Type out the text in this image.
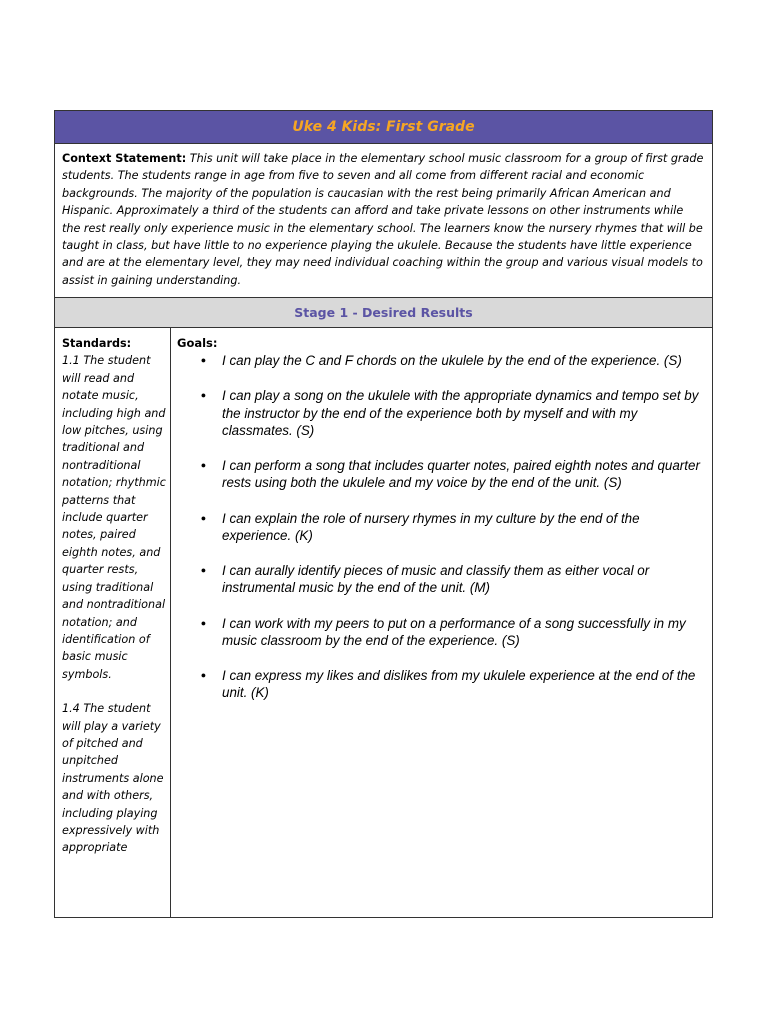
Uke 4 Kids: First Grade
Context Statement: This unit will take place in the elementary school music classroom for a group of first grade students. The students range in age from five to seven and all come from different racial and economic backgrounds. The majority of the population is caucasian with the rest being primarily African American and Hispanic. Approximately a third of the students can afford and take private lessons on other instruments while the rest really only experience music in the elementary school. The learners know the nursery rhymes that will be taught in class, but have little to no experience playing the ukulele. Because the students have little experience and are at the elementary level, they may need individual coaching within the group and various visual models to assist in gaining understanding.
Stage 1 - Desired Results
Standards:
1.1 The student will read and notate music, including high and low pitches, using traditional and nontraditional notation; rhythmic patterns that include quarter notes, paired eighth notes, and quarter rests, using traditional and nontraditional notation; and identification of basic music symbols.
1.4 The student will play a variety of pitched and unpitched instruments alone and with others, including playing expressively with appropriate
Goals:
●	I can play the C and F chords on the ukulele by the end of the experience. (S)
●	I can play a song on the ukulele with the appropriate dynamics and tempo set by the instructor by the end of the experience both by myself and with my classmates. (S)
●	I can perform a song that includes quarter notes, paired eighth notes and quarter rests using both the ukulele and my voice by the end of the unit. (S)
●	I can explain the role of nursery rhymes in my culture by the end of the experience. (K)
●	I can aurally identify pieces of music and classify them as either vocal or instrumental music by the end of the unit. (M)
●	I can work with my peers to put on a performance of a song successfully in my music classroom by the end of the experience. (S)
●	I can express my likes and dislikes from my ukulele experience at the end of the unit. (K)
